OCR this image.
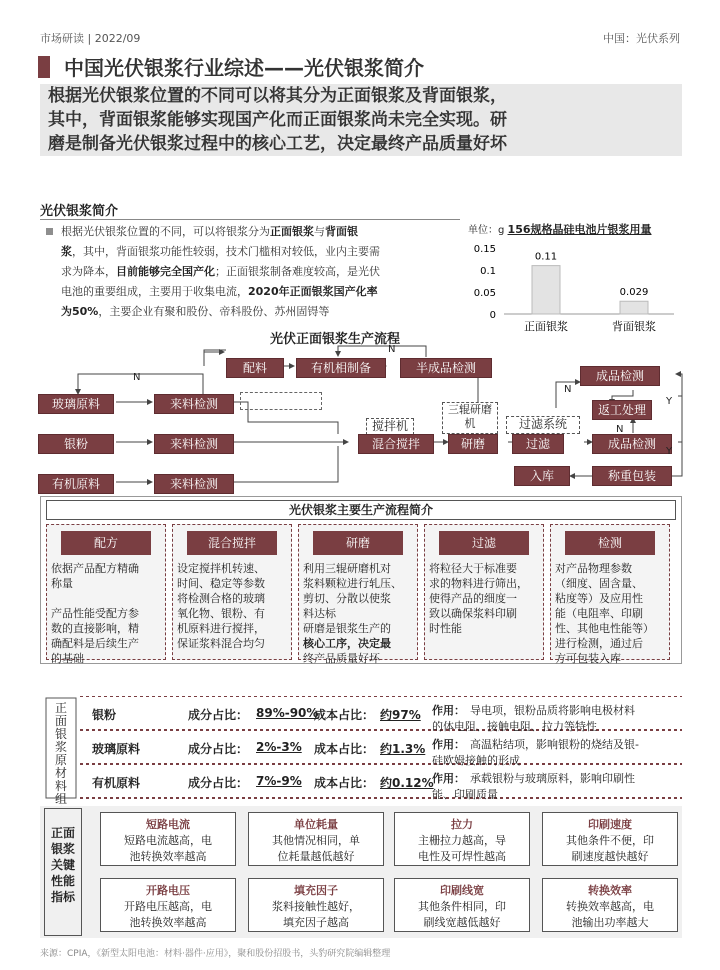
市场研读 | 2022/09	中国：光伏系列
中国光伏银浆行业综述——光伏银浆简介
根据光伏银浆位置的不同可以将其分为正面银浆及背面银浆，
其中，背面银浆能够实现国产化而正面银浆尚未完全实现。研
磨是制备光伏银浆过程中的核心工艺，决定最终产品质量好坏
光伏银浆简介
根据光伏银浆位置的不同，可以将银浆分为正面银浆与背面银
浆，其中，背面银浆功能性较弱，技术门槛相对较低，业内主要需
求为降本，目前能够完全国产化；正面银浆制备难度较高，是光伏
电池的重要组成，主要用于收集电流，2020年正面银浆国产化率
为50%，主要企业有聚和股份、帝科股份、苏州固锝等
单位：g 156规格晶硅电池片银浆用量
0.15
0.1
0.05
0
0.11
正面银浆
0.029
背面银浆
光伏正面银浆生产流程
配料	有机相制备	半成品检测
N
N
玻璃原料
银粉
有机原料
来料检测
来料检测
来料检测
搅拌机
混合搅拌
三辊研磨机
研磨
过滤系统
过滤
成品检测
返工处理
成品检测
入库	称重包装
N
N
Y
Y
光伏银浆主要生产流程简介
配方
依据产品配方精确
称量
产品性能受配方参
数的直接影响，精
确配料是后续生产
的基础
混合搅拌
设定搅拌机转速、
时间、稳定等参数
将检测合格的玻璃
氧化物、银粉、有
机原料进行搅拌，
保证浆料混合均匀
研磨
利用三辊研磨机对
浆料颗粒进行轧压、
剪切、分散以使浆
料达标
研磨是银浆生产的
核心工序，决定最
终产品质量好坏
过滤
将粒径大于标准要
求的物料进行筛出，
使得产品的细度一
致以确保浆料印刷
时性能
检测
对产品物理参数
（细度、固含量、
粘度等）及应用性
能（电阻率、印刷
性、其他电性能等）
进行检测，通过后
方可包装入库
正面银浆原材料组
银粉	成分占比： 89%-90%
成本占比： 约97% 作用： 导电项，银粉品质将影响电极材料
的体电阻、接触电阻、拉力等特性
玻璃原料	成分占比： 2%-3% 成本占比： 约1.3% 作用： 高温粘结项，影响银粉的烧结及银-
硅欧姆接触的形成
有机原料	成分占比： 7%-9% 成本占比： 约0.12%
作用： 承载银粉与玻璃原料，影响印刷性
能、印刷质量
正面银浆关键性能指标
短路电流
短路电流越高，电
池转换效率越高
单位耗量
其他情况相同，单
位耗量越低越好
拉力
主栅拉力越高，导
电性及可焊性越高
印刷速度
其他条件不便，印
刷速度越快越好
开路电压
开路电压越高，电
池转换效率越高
填充因子
浆料接触性越好，
填充因子越高
印刷线宽
其他条件相同，印
刷线宽越低越好
转换效率
转换效率越高，电
池输出功率越大
来源：CPIA，《新型太阳电池：材料·器件·应用》，聚和股份招股书，头豹研究院编辑整理
